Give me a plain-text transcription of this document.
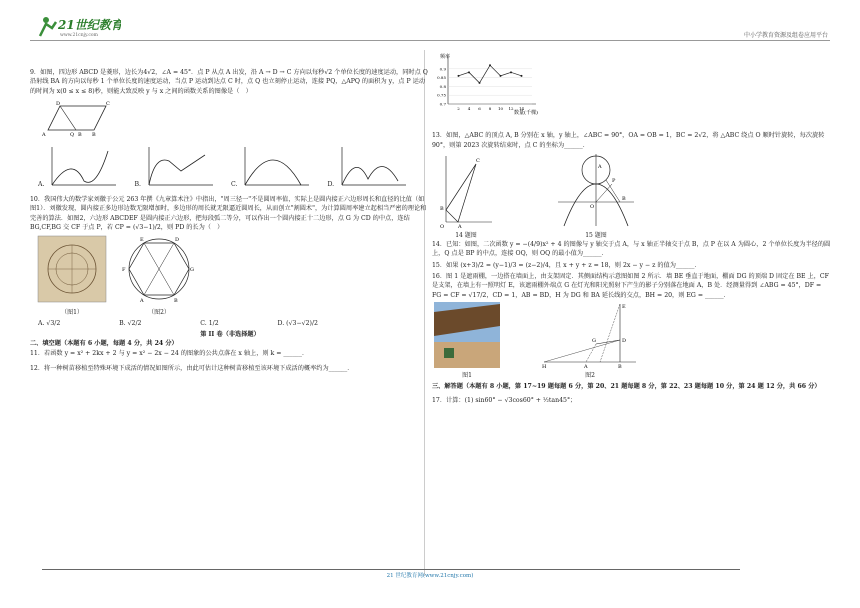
21世纪教育
www.21cnjy.com	中小学教育资源及组卷应用平台

9．如图，四边形 ABCD 是菱形，边长为4√2，∠A = 45°．点 P 从点 A 出发，沿 A → D → C 方向以每秒√2 个单位长度的速度运动，同时点 Q 沿射线 BA 的方向以每秒 1 个单位长度的速度运动，当点 P 运动到达点 C 时，点 Q 也立刻停止运动，连接 PQ，△APQ 的面积为 y，点 P 运动的时间为 x(0 ≤ x ≤ 8)秒，则能大致反映 y 与 x 之间的函数关系的图像是（　）

A
D	C
B
Q B
A.	B.	C.	D.

10．我国伟大的数学家刘徽于公元 263 年撰《九章算术注》中指出，"周三径一"不是圆周率值，实际上是圆内接正六边形周长和直径的比值（如图1）．刘徽发现，圆内接正多边形边数无限增加时，多边形的周长就无限逼近圆周长，从而创立"割圆术"，为计算圆周率建立起相当严密的理论和完善的算法．如图2，六边形 ABCDEF 是圆内接正六边形，把每段弧二等分，可以作出一个圆内接正十二边形，点 G 为 CD 的中点，连结 BG,CF,BG 交 CF 于点 P，若 CP = (√3−1)/2，则 PD 的长为（　）

（图1）
E	D
G
F
A	B
（图2）
A. √3/2	B. √2/2	C. 1/2	D. (√3−√2)/2

第 II 卷（非选择题）

二、填空题（本题有 6 小题，每题 4 分，共 24 分）

11．若函数 y = x² + 2kx + 2 与 y = x² − 2x − 24 的图象的公共点落在 x 轴上，则 k = ______．

12．将一种树苗移植至特殊环境下成活的情况如图所示，由此可估计这种树苗移植至该环境下成活的概率约为______．

频率
数量(千棵)
0.7
0.75
0.8
0.85
0.9
2 4 6 8 10 12 14

13．如图，△ABC 的顶点 A, B 分别在 x 轴，y 轴上，∠ABC = 90°，OA = OB = 1，BC = 2√2，将 △ABC 绕点 O 顺时针旋转，每次旋转90°，则第 2023 次旋转结束时，点 C 的坐标为______．

C
B
A
O
14 题图
A
B
P
O
15 题图

14．已知：如图，二次函数 y = −(4/9)x² + 4 的图像与 y 轴交于点 A，与 x 轴正半轴交于点 B，点 P 在以 A 为圆心，2 个单位长度为半径的圆上，Q 点是 BP 的中点，连接 OQ，则 OQ 的最小值为______．

15．如果 (x+3)/2 = (y−1)/3 = (z−2)/4，且 x + y + z = 18，则 2x − y − z 的值为______．

16．图 1 是遮雨棚，一边搭在墙面上，由支架固定．其侧面结构示意图如图 2 所示．墙 BE 垂直于地面，棚面 DG 的顶端 D 固定在 BE 上，CF 是支架，在墙上有一照明灯 E，该遮雨棚外端点 G 在灯光和阳光照射下产生的影子分别落在地面 A，B 处．经测量得到 ∠ABG = 45°，DF = FG = CF = √17/2，CD = 1，AB = BD，H 为 DG 和 BA 延长线的交点，BH = 20，则 EG = ______．

图1
E
D
G
H	A	B
图2

三、解答题（本题有 8 小题，第 17~19 题每题 6 分，第 20、21 题每题 8 分，第 22、23 题每题 10 分，第 24 题 12 分，共 66 分）

17．计算：(1) sin60° − √3cos60° + ½tan45°；

21 世纪教育网(www.21cnjy.com)
